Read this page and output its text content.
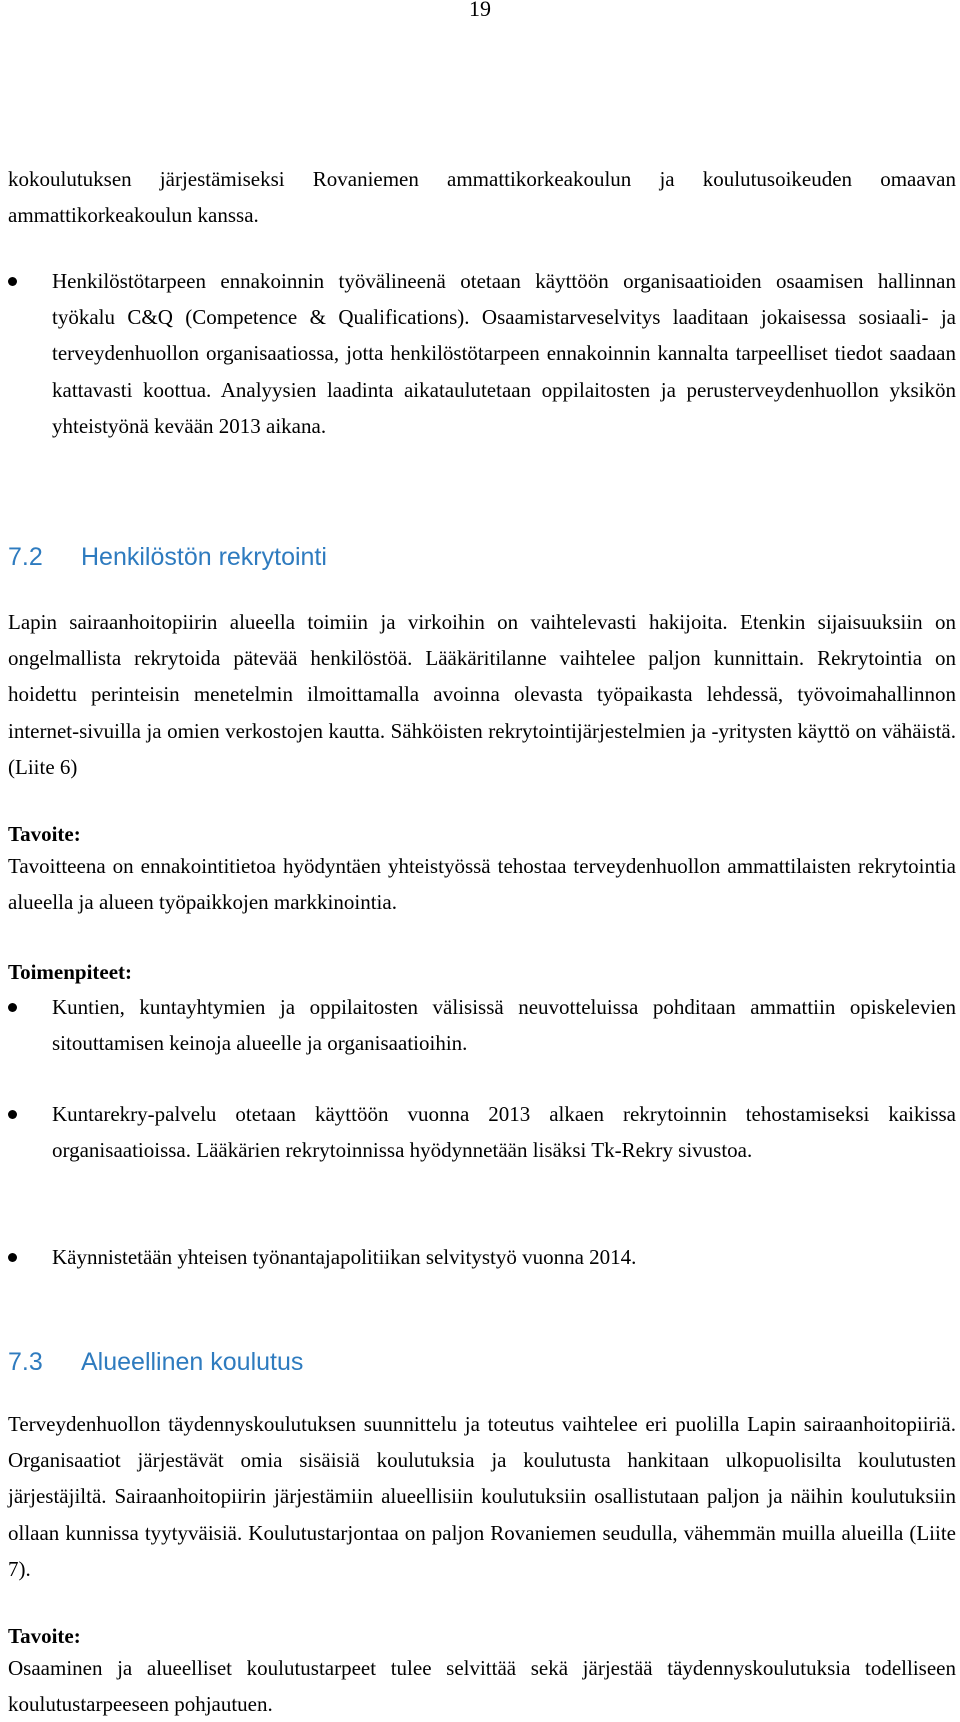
19

kokoulutuksen järjestämiseksi Rovaniemen ammattikorkeakoulun ja koulutusoikeuden omaavan ammattikorkeakoulun kanssa.

Henkilöstötarpeen ennakoinnin työvälineenä otetaan käyttöön organisaatioiden osaamisen hallinnan työkalu C&Q (Competence & Qualifications). Osaamistarveselvitys laaditaan jokaisessa sosiaali- ja terveydenhuollon organisaatiossa, jotta henkilöstötarpeen ennakoinnin kannalta tarpeelliset tiedot saadaan kattavasti koottua. Analyysien laadinta aikataulutetaan oppilaitosten ja perusterveydenhuollon yksikön yhteistyönä kevään 2013 aikana.

7.2 Henkilöstön rekrytointi

Lapin sairaanhoitopiirin alueella toimiin ja virkoihin on vaihtelevasti hakijoita. Etenkin sijaisuuksiin on ongelmallista rekrytoida pätevää henkilöstöä. Lääkäritilanne vaihtelee paljon kunnittain. Rekrytointia on hoidettu perinteisin menetelmin ilmoittamalla avoinna olevasta työpaikasta lehdessä, työvoimahallinnon internet-sivuilla ja omien verkostojen kautta. Sähköisten rekrytointijärjestelmien ja -yritysten käyttö on vähäistä. (Liite 6)

Tavoite:

Tavoitteena on ennakointitietoa hyödyntäen yhteistyössä tehostaa terveydenhuollon ammattilaisten rekrytointia alueella ja alueen työpaikkojen markkinointia.

Toimenpiteet:

Kuntien, kuntayhtymien ja oppilaitosten välisissä neuvotteluissa pohditaan ammattiin opiskelevien sitouttamisen keinoja alueelle ja organisaatioihin.

Kuntarekry-palvelu otetaan käyttöön vuonna 2013 alkaen rekrytoinnin tehostamiseksi kaikissa organisaatioissa. Lääkärien rekrytoinnissa hyödynnetään lisäksi Tk-Rekry sivustoa.

Käynnistetään yhteisen työnantajapolitiikan selvitystyö vuonna 2014.

7.3 Alueellinen koulutus

Terveydenhuollon täydennyskoulutuksen suunnittelu ja toteutus vaihtelee eri puolilla Lapin sairaanhoitopiiriä. Organisaatiot järjestävät omia sisäisiä koulutuksia ja koulutusta hankitaan ulkopuolisilta koulutusten järjestäjiltä. Sairaanhoitopiirin järjestämiin alueellisiin koulutuksiin osallistutaan paljon ja näihin koulutuksiin ollaan kunnissa tyytyväisiä. Koulutustarjontaa on paljon Rovaniemen seudulla, vähemmän muilla alueilla (Liite 7).

Tavoite:

Osaaminen ja alueelliset koulutustarpeet tulee selvittää sekä järjestää täydennyskoulutuksia todelliseen koulutustarpeeseen pohjautuen.
